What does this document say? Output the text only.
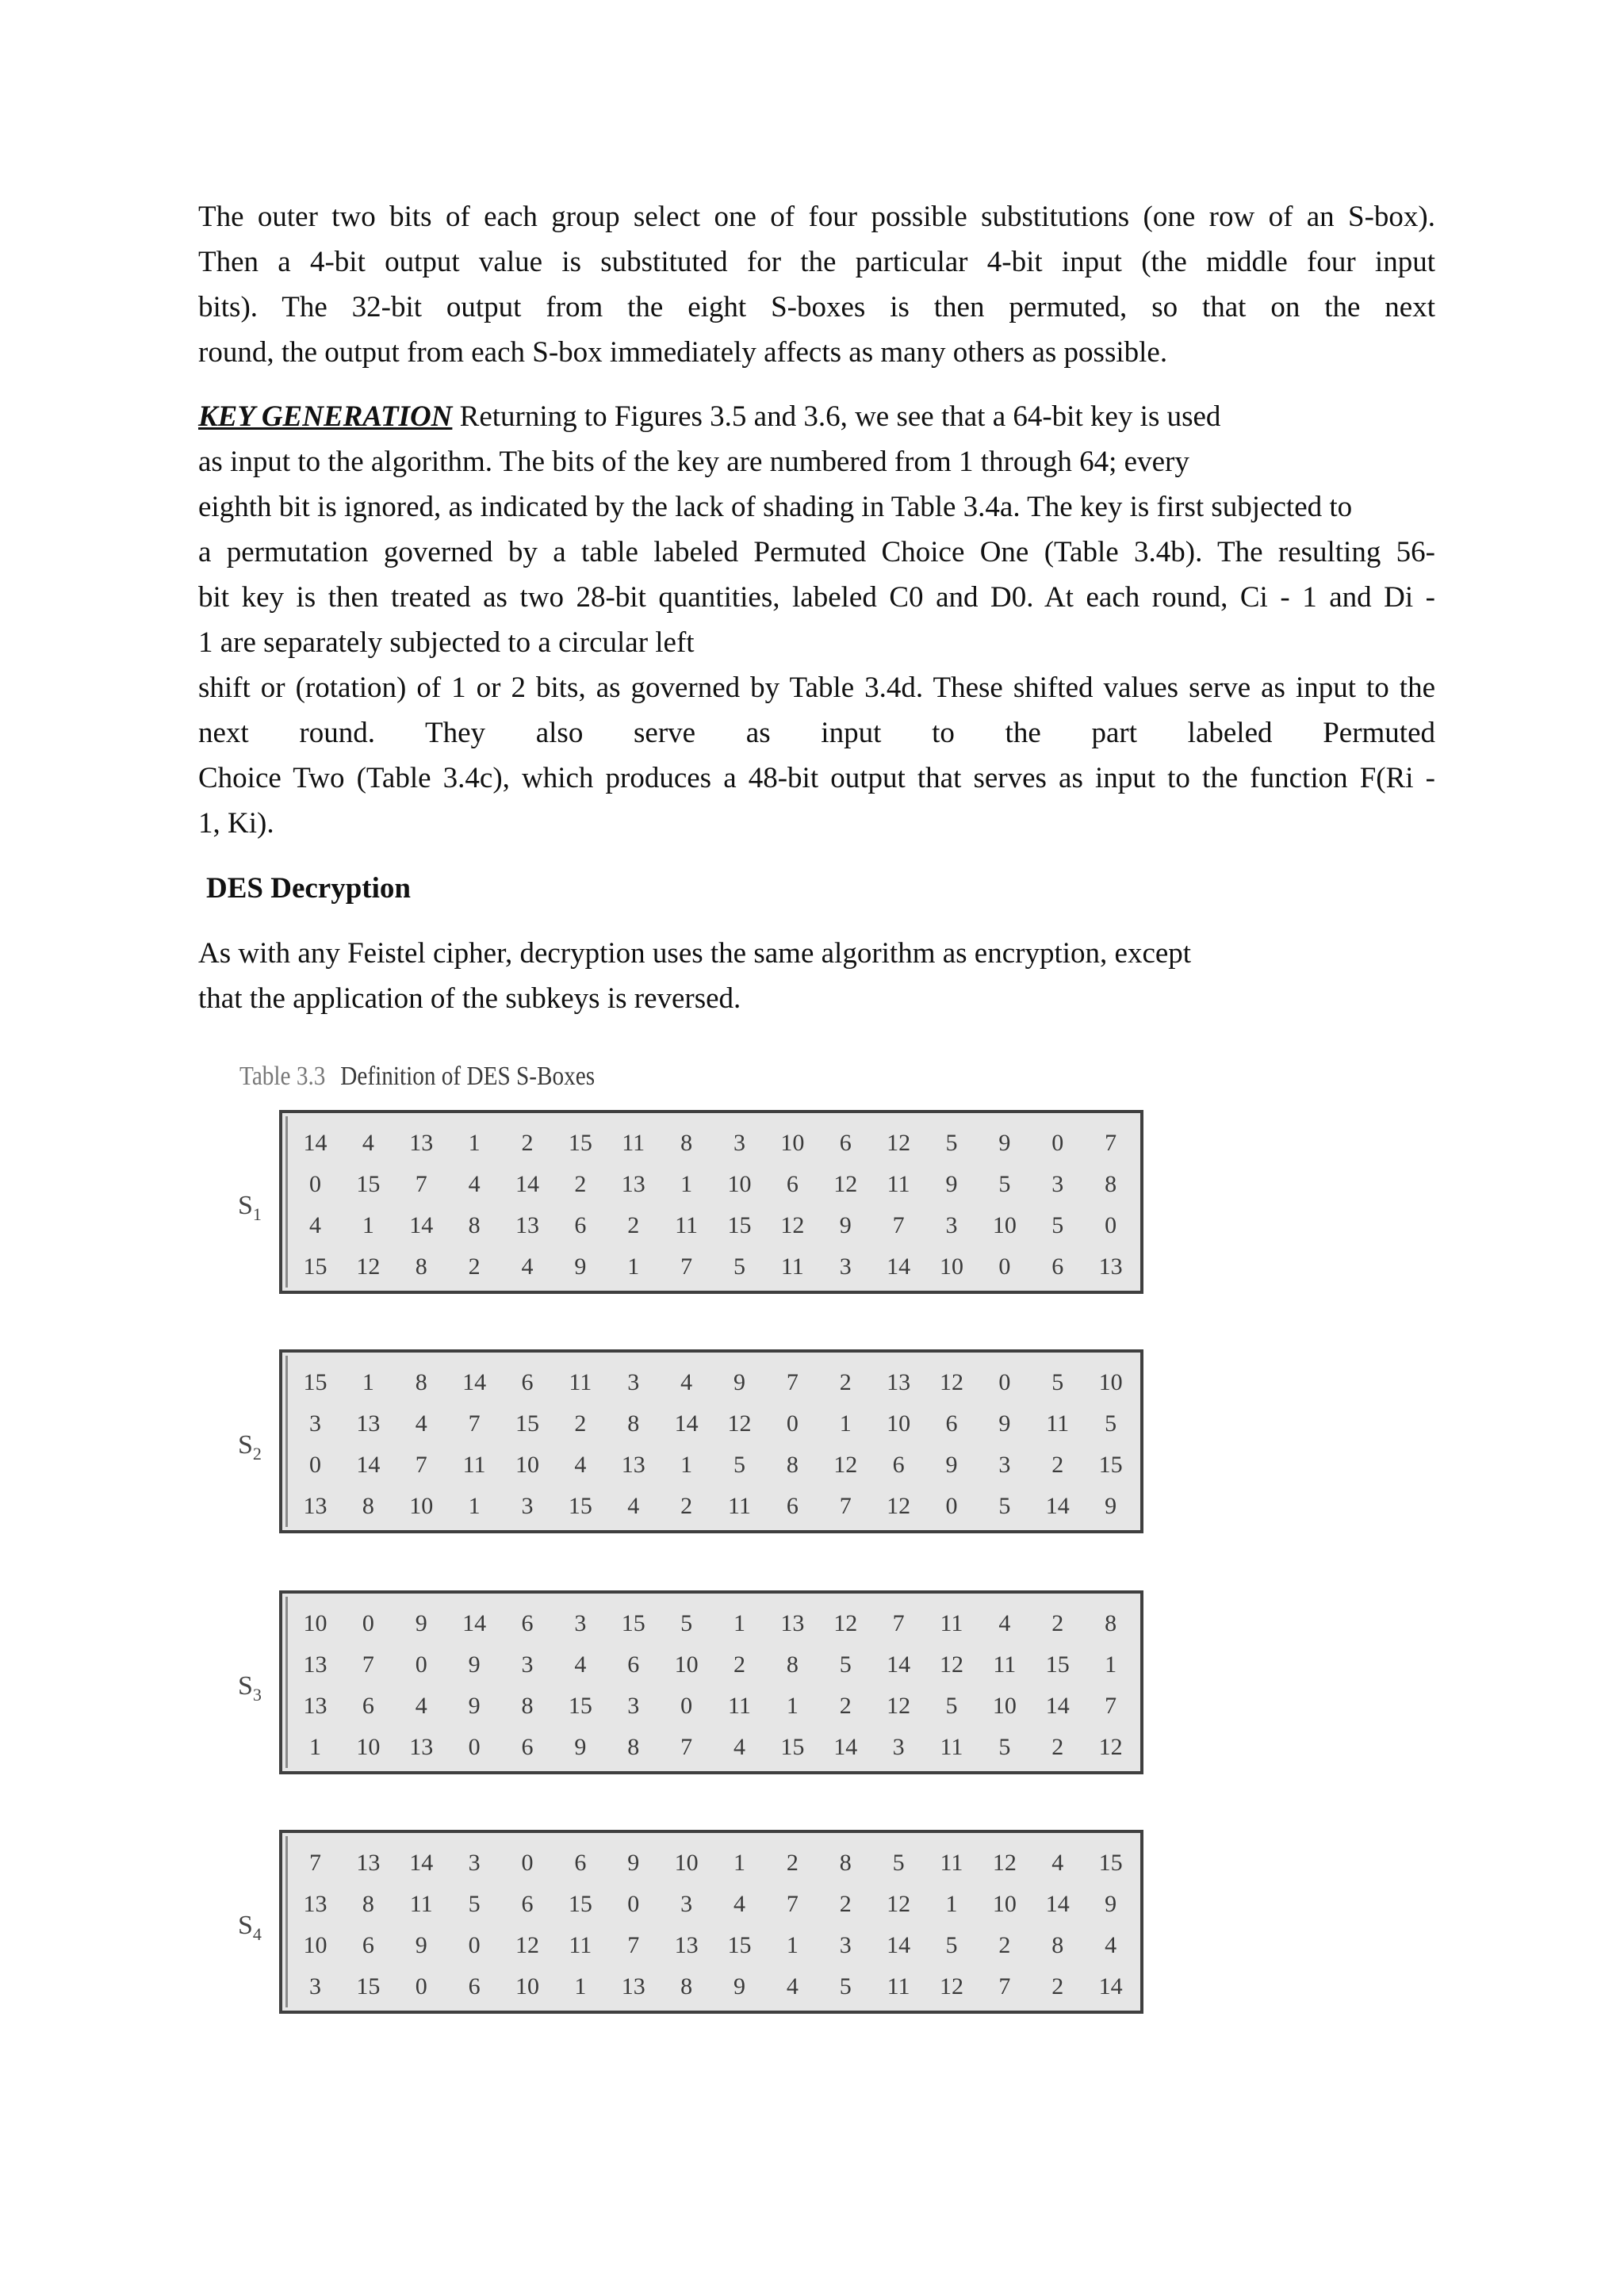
The outer two bits of each group select one of four possible substitutions (one row of an S-box).
Then a 4-bit output value is substituted for the particular 4-bit input (the middle four input
bits). The 32-bit output from the eight S-boxes is then permuted, so that on the next
round, the output from each S-box immediately affects as many others as possible.
KEY GENERATION Returning to Figures 3.5 and 3.6, we see that a 64-bit key is used
as input to the algorithm. The bits of the key are numbered from 1 through 64; every
eighth bit is ignored, as indicated by the lack of shading in Table 3.4a. The key is first subjected to
a permutation governed by a table labeled Permuted Choice One (Table 3.4b). The resulting 56-
bit key is then treated as two 28-bit quantities, labeled C0 and D0. At each round, Ci - 1 and Di -
1 are separately subjected to a circular left
shift or (rotation) of 1 or 2 bits, as governed by Table 3.4d. These shifted values serve as input to the
next round. They also serve as input to the part labeled Permuted
Choice Two (Table 3.4c), which produces a 48-bit output that serves as input to the function F(Ri -
1, Ki).
DES Decryption
As with any Feistel cipher, decryption uses the same algorithm as encryption, except
that the application of the subkeys is reversed.
Table 3.3 Definition of DES S-Boxes
$S_1$
14	4	13	1	2	15	11	8	3	10	6	12	5	9	0	7
0	15	7	4	14	2	13	1	10	6	12	11	9	5	3	8
4	1	14	8	13	6	2	11	15	12	9	7	3	10	5	0
15	12	8	2	4	9	1	7	5	11	3	14	10	0	6	13
$S_2$
15	1	8	14	6	11	3	4	9	7	2	13	12	0	5	10
3	13	4	7	15	2	8	14	12	0	1	10	6	9	11	5
0	14	7	11	10	4	13	1	5	8	12	6	9	3	2	15
13	8	10	1	3	15	4	2	11	6	7	12	0	5	14	9
$S_3$
10	0	9	14	6	3	15	5	1	13	12	7	11	4	2	8
13	7	0	9	3	4	6	10	2	8	5	14	12	11	15	1
13	6	4	9	8	15	3	0	11	1	2	12	5	10	14	7
1	10	13	0	6	9	8	7	4	15	14	3	11	5	2	12
$S_4$
7	13	14	3	0	6	9	10	1	2	8	5	11	12	4	15
13	8	11	5	6	15	0	3	4	7	2	12	1	10	14	9
10	6	9	0	12	11	7	13	15	1	3	14	5	2	8	4
3	15	0	6	10	1	13	8	9	4	5	11	12	7	2	14
